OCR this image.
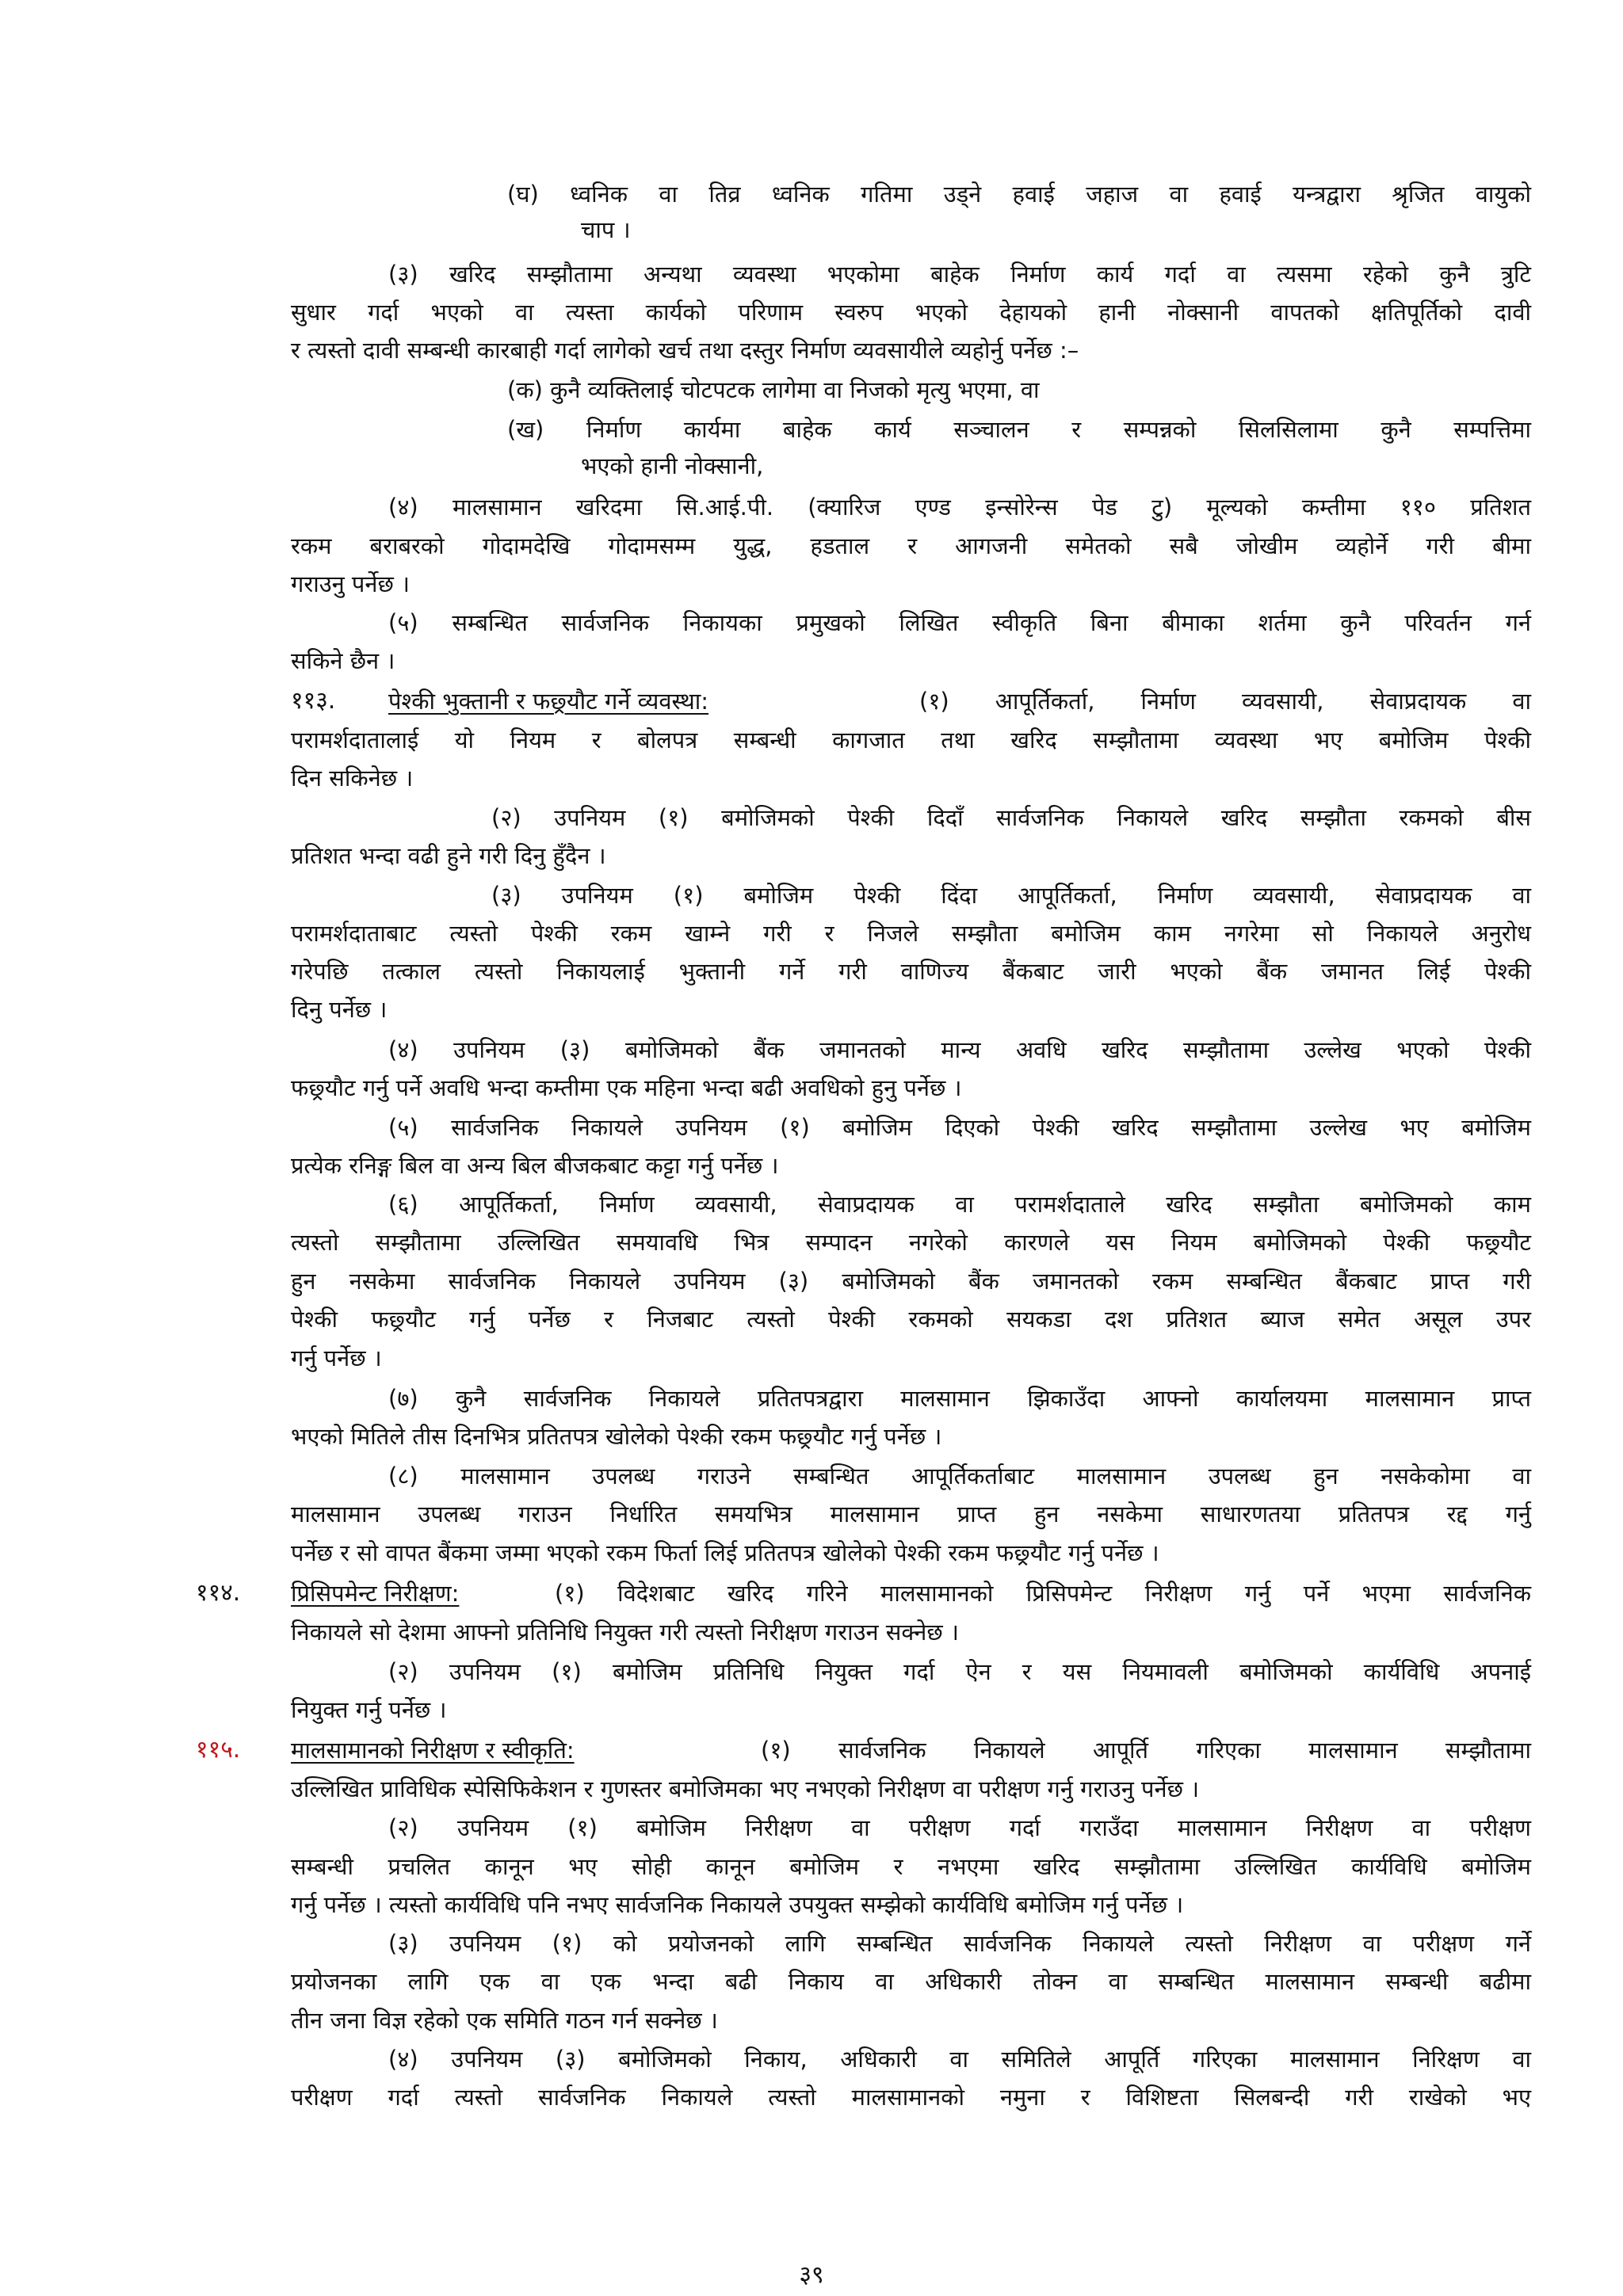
(घ) ध्वनिक वा तिव्र ध्वनिक गतिमा उड्ने हवाई जहाज वा हवाई यन्त्रद्वारा श्रृजित वायुको
चाप ।
(३) खरिद सम्झौतामा अन्यथा व्यवस्था भएकोमा बाहेक निर्माण कार्य गर्दा वा त्यसमा रहेको कुनै त्रुटि
सुधार गर्दा भएको वा त्यस्ता कार्यको परिणाम स्वरुप भएको देहायको हानी नोक्सानी वापतको क्षतिपूर्तिको दावी
र त्यस्तो दावी सम्बन्धी कारबाही गर्दा लागेको खर्च तथा दस्तुर निर्माण व्यवसायीले व्यहोर्नु पर्नेछ :–
(क) कुनै व्यक्तिलाई चोटपटक लागेमा वा निजको मृत्यु भएमा, वा
(ख) निर्माण कार्यमा बाहेक कार्य सञ्चालन र सम्पन्नको सिलसिलामा कुनै सम्पत्तिमा
भएको हानी नोक्सानी,
(४) मालसामान खरिदमा सि.आई.पी. (क्यारिज एण्ड इन्सोरेन्स पेड टु) मूल्यको कम्तीमा ११० प्रतिशत
रकम बराबरको गोदामदेखि गोदामसम्म युद्ध, हडताल र आगजनी समेतको सबै जोखीम व्यहोर्ने गरी बीमा
गराउनु पर्नेछ ।
(५) सम्बन्धित सार्वजनिक निकायका प्रमुखको लिखित स्वीकृति बिना बीमाका शर्तमा कुनै परिवर्तन गर्न
सकिने छैन ।
११३. पेश्की भुक्तानी र फछ्र्यौट गर्ने व्यवस्था:	(१) आपूर्तिकर्ता, निर्माण व्यवसायी, सेवाप्रदायक वा
परामर्शदातालाई यो नियम र बोलपत्र सम्बन्धी कागजात तथा खरिद सम्झौतामा व्यवस्था भए बमोजिम पेश्की
दिन सकिनेछ ।
(२) उपनियम (१) बमोजिमको पेश्की दिदाँ सार्वजनिक निकायले खरिद सम्झौता रकमको बीस
प्रतिशत भन्दा वढी हुने गरी दिनु हुँदैन ।
(३) उपनियम (१) बमोजिम पेश्की दिंदा आपूर्तिकर्ता, निर्माण व्यवसायी, सेवाप्रदायक वा
परामर्शदाताबाट त्यस्तो पेश्की रकम खाम्ने गरी र निजले सम्झौता बमोजिम काम नगरेमा सो निकायले अनुरोध
गरेपछि तत्काल त्यस्तो निकायलाई भुक्तानी गर्ने गरी वाणिज्य बैंकबाट जारी भएको बैंक जमानत लिई पेश्की
दिनु पर्नेछ ।
(४) उपनियम (३) बमोजिमको बैंक जमानतको मान्य अवधि खरिद सम्झौतामा उल्लेख भएको पेश्की
फछ्र्यौट गर्नु पर्ने अवधि भन्दा कम्तीमा एक महिना भन्दा बढी अवधिको हुनु पर्नेछ ।
(५) सार्वजनिक निकायले उपनियम (१) बमोजिम दिएको पेश्की खरिद सम्झौतामा उल्लेख भए बमोजिम
प्रत्येक रनिङ्ग बिल वा अन्य बिल बीजकबाट कट्टा गर्नु पर्नेछ ।
(६) आपूर्तिकर्ता, निर्माण व्यवसायी, सेवाप्रदायक वा परामर्शदाताले खरिद सम्झौता बमोजिमको काम
त्यस्तो सम्झौतामा उल्लिखित समयावधि भित्र सम्पादन नगरेको कारणले यस नियम बमोजिमको पेश्की फछ्र्यौट
हुन नसकेमा सार्वजनिक निकायले उपनियम (३) बमोजिमको बैंक जमानतको रकम सम्बन्धित बैंकबाट प्राप्त गरी
पेश्की फछ्र्यौट गर्नु पर्नेछ र निजबाट त्यस्तो पेश्की रकमको सयकडा दश प्रतिशत ब्याज समेत असूल उपर
गर्नु पर्नेछ ।
(७) कुनै सार्वजनिक निकायले प्रतितपत्रद्वारा मालसामान झिकाउँदा आफ्नो कार्यालयमा मालसामान प्राप्त
भएको मितिले तीस दिनभित्र प्रतितपत्र खोलेको पेश्की रकम फछ्र्यौट गर्नु पर्नेछ ।
(८) मालसामान उपलब्ध गराउने सम्बन्धित आपूर्तिकर्ताबाट मालसामान उपलब्ध हुन नसकेकोमा वा
मालसामान उपलब्ध गराउन निर्धारित समयभित्र मालसामान प्राप्त हुन नसकेमा साधारणतया प्रतितपत्र रद्द गर्नु
पर्नेछ र सो वापत बैंकमा जम्मा भएको रकम फिर्ता लिई प्रतितपत्र खोलेको पेश्की रकम फछ्र्यौट गर्नु पर्नेछ ।
११४. प्रिसिपमेन्ट निरीक्षण:	(१) विदेशबाट खरिद गरिने मालसामानको प्रिसिपमेन्ट निरीक्षण गर्नु पर्ने भएमा सार्वजनिक
निकायले सो देशमा आफ्नो प्रतिनिधि नियुक्त गरी त्यस्तो निरीक्षण गराउन सक्नेछ ।
(२) उपनियम (१) बमोजिम प्रतिनिधि नियुक्त गर्दा ऐन र यस नियमावली बमोजिमको कार्यविधि अपनाई
नियुक्त गर्नु पर्नेछ ।
११५. मालसामानको निरीक्षण र स्वीकृति:	(१) सार्वजनिक निकायले आपूर्ति गरिएका मालसामान सम्झौतामा
उल्लिखित प्राविधिक स्पेसिफिकेशन र गुणस्तर बमोजिमका भए नभएको निरीक्षण वा परीक्षण गर्नु गराउनु पर्नेछ ।
(२) उपनियम (१) बमोजिम निरीक्षण वा परीक्षण गर्दा गराउँदा मालसामान निरीक्षण वा परीक्षण
सम्बन्धी प्रचलित कानून भए सोही कानून बमोजिम र नभएमा खरिद सम्झौतामा उल्लिखित कार्यविधि बमोजिम
गर्नु पर्नेछ । त्यस्तो कार्यविधि पनि नभए सार्वजनिक निकायले उपयुक्त सम्झेको कार्यविधि बमोजिम गर्नु पर्नेछ ।
(३) उपनियम (१) को प्रयोजनको लागि सम्बन्धित सार्वजनिक निकायले त्यस्तो निरीक्षण वा परीक्षण गर्ने
प्रयोजनका लागि एक वा एक भन्दा बढी निकाय वा अधिकारी तोक्न वा सम्बन्धित मालसामान सम्बन्धी बढीमा
तीन जना विज्ञ रहेको एक समिति गठन गर्न सक्नेछ ।
(४) उपनियम (३) बमोजिमको निकाय, अधिकारी वा समितिले आपूर्ति गरिएका मालसामान निरिक्षण वा
परीक्षण गर्दा त्यस्तो सार्वजनिक निकायले त्यस्तो मालसामानको नमुना र विशिष्टता सिलबन्दी गरी राखेको भए
३९
